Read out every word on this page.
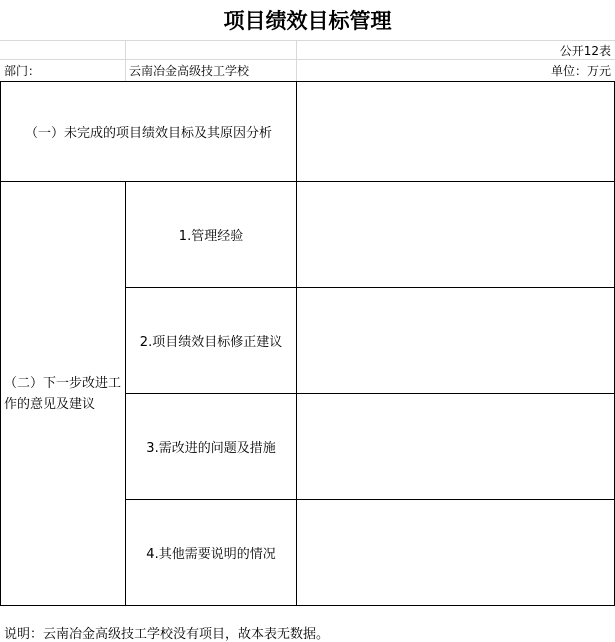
项目绩效目标管理
公开12表
部门：	云南冶金高级技工学校	单位：万元
（一）未完成的项目绩效目标及其原因分析
（二）下一步改进工作的意见及建议
1.管理经验
2.项目绩效目标修正建议
3.需改进的问题及措施
4.其他需要说明的情况
说明：云南冶金高级技工学校没有项目，故本表无数据。
